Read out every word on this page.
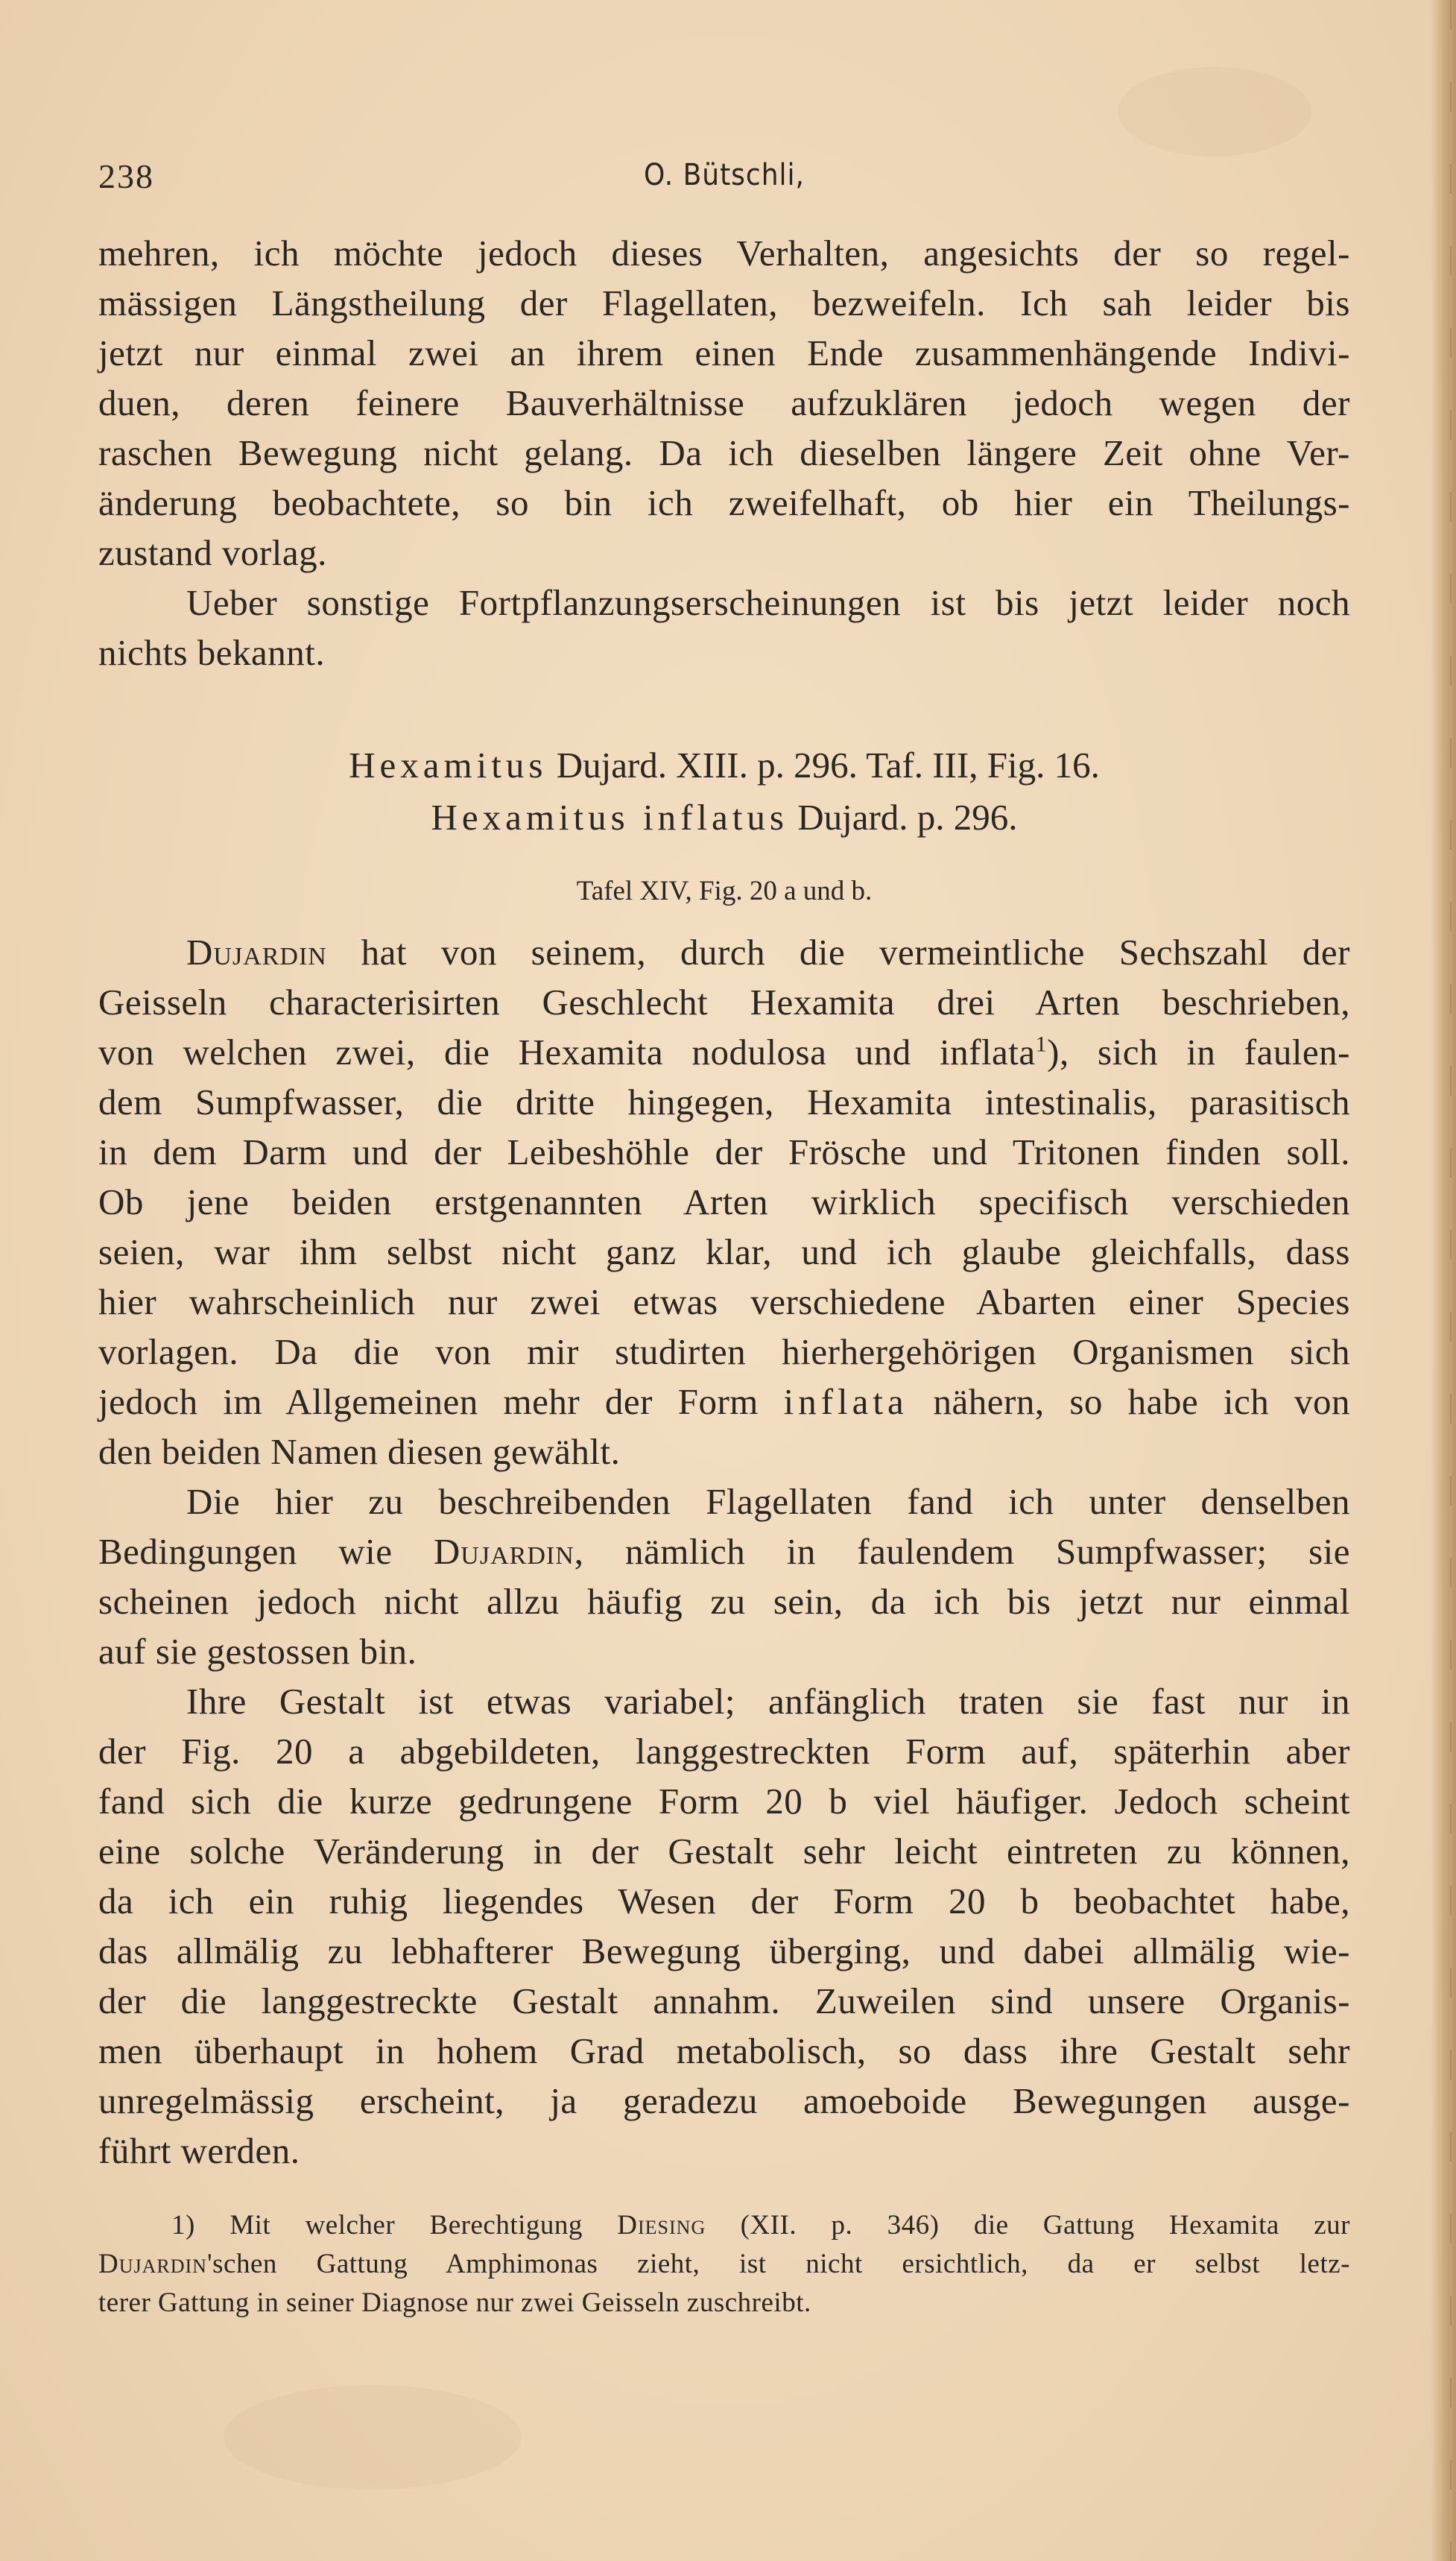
238	O. Bütschli,
mehren, ich möchte jedoch dieses Verhalten, angesichts der so regel-
mässigen Längstheilung der Flagellaten, bezweifeln. Ich sah leider bis
jetzt nur einmal zwei an ihrem einen Ende zusammenhängende Indivi-
duen, deren feinere Bauverhältnisse aufzuklären jedoch wegen der
raschen Bewegung nicht gelang. Da ich dieselben längere Zeit ohne Ver-
änderung beobachtete, so bin ich zweifelhaft, ob hier ein Theilungs-
zustand vorlag.
Ueber sonstige Fortpflanzungserscheinungen ist bis jetzt leider noch
nichts bekannt.
Hexamitus Dujard. XIII. p. 296. Taf. III, Fig. 16.
Hexamitus inflatus Dujard. p. 296.
Tafel XIV, Fig. 20 a und b.
Dujardin hat von seinem, durch die vermeintliche Sechszahl der
Geisseln characterisirten Geschlecht Hexamita drei Arten beschrieben,
von welchen zwei, die Hexamita nodulosa und inflata$^1$), sich in faulen-
dem Sumpfwasser, die dritte hingegen, Hexamita intestinalis, parasitisch
in dem Darm und der Leibeshöhle der Frösche und Tritonen finden soll.
Ob jene beiden erstgenannten Arten wirklich specifisch verschieden
seien, war ihm selbst nicht ganz klar, und ich glaube gleichfalls, dass
hier wahrscheinlich nur zwei etwas verschiedene Abarten einer Species
vorlagen. Da die von mir studirten hierhergehörigen Organismen sich
jedoch im Allgemeinen mehr der Form inflata nähern, so habe ich von
den beiden Namen diesen gewählt.
Die hier zu beschreibenden Flagellaten fand ich unter denselben
Bedingungen wie Dujardin, nämlich in faulendem Sumpfwasser; sie
scheinen jedoch nicht allzu häufig zu sein, da ich bis jetzt nur einmal
auf sie gestossen bin.
Ihre Gestalt ist etwas variabel; anfänglich traten sie fast nur in
der Fig. 20 a abgebildeten, langgestreckten Form auf, späterhin aber
fand sich die kurze gedrungene Form 20 b viel häufiger. Jedoch scheint
eine solche Veränderung in der Gestalt sehr leicht eintreten zu können,
da ich ein ruhig liegendes Wesen der Form 20 b beobachtet habe,
das allmälig zu lebhafterer Bewegung überging, und dabei allmälig wie-
der die langgestreckte Gestalt annahm. Zuweilen sind unsere Organis-
men überhaupt in hohem Grad metabolisch, so dass ihre Gestalt sehr
unregelmässig erscheint, ja geradezu amoeboide Bewegungen ausge-
führt werden.
1) Mit welcher Berechtigung Diesing (XII. p. 346) die Gattung Hexamita zur
Dujardin'schen Gattung Amphimonas zieht, ist nicht ersichtlich, da er selbst letz-
terer Gattung in seiner Diagnose nur zwei Geisseln zuschreibt.
